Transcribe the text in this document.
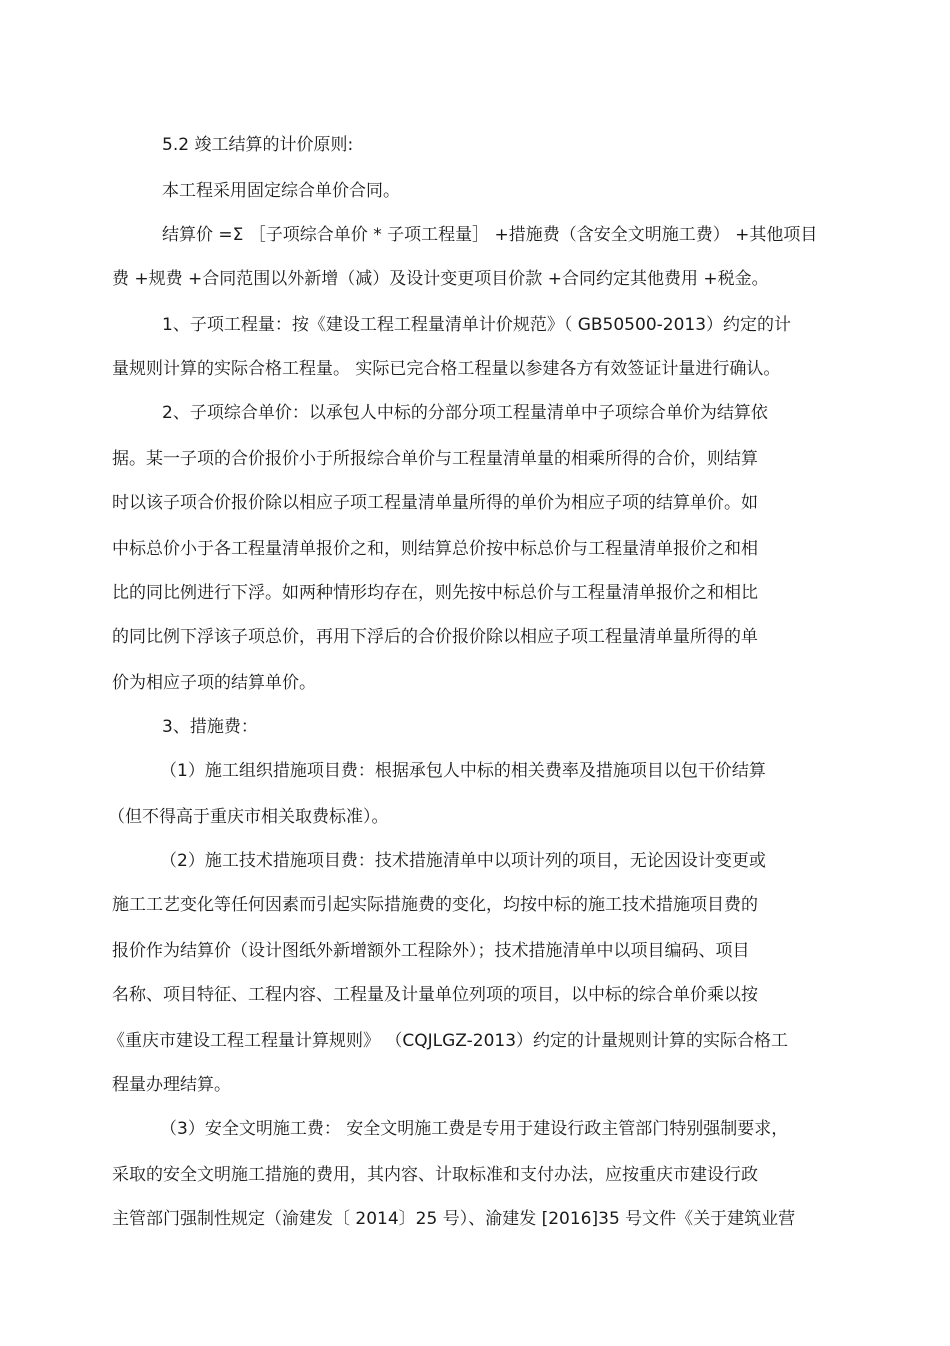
5.2 竣工结算的计价原则:
本工程采用固定综合单价合同。
结算价 =Σ ［子项综合单价 * 子项工程量］ +措施费（含安全文明施工费） +其他项目
费 +规费 +合同范围以外新增（减）及设计变更项目价款 +合同约定其他费用 +税金。
1、子项工程量：按《建设工程工程量清单计价规范》（ GB50500-2013）约定的计
量规则计算的实际合格工程量。 实际已完合格工程量以参建各方有效签证计量进行确认。
2、子项综合单价：以承包人中标的分部分项工程量清单中子项综合单价为结算依
据。某一子项的合价报价小于所报综合单价与工程量清单量的相乘所得的合价，则结算
时以该子项合价报价除以相应子项工程量清单量所得的单价为相应子项的结算单价。如
中标总价小于各工程量清单报价之和，则结算总价按中标总价与工程量清单报价之和相
比的同比例进行下浮。如两种情形均存在，则先按中标总价与工程量清单报价之和相比
的同比例下浮该子项总价，再用下浮后的合价报价除以相应子项工程量清单量所得的单
价为相应子项的结算单价。
3、措施费：
（1）施工组织措施项目费：根据承包人中标的相关费率及措施项目以包干价结算
（但不得高于重庆市相关取费标准）。
（2）施工技术措施项目费：技术措施清单中以项计列的项目，无论因设计变更或
施工工艺变化等任何因素而引起实际措施费的变化，均按中标的施工技术措施项目费的
报价作为结算价（设计图纸外新增额外工程除外）；技术措施清单中以项目编码、项目
名称、项目特征、工程内容、工程量及计量单位列项的项目，以中标的综合单价乘以按
《重庆市建设工程工程量计算规则》 （CQJLGZ-2013）约定的计量规则计算的实际合格工
程量办理结算。
（3）安全文明施工费： 安全文明施工费是专用于建设行政主管部门特别强制要求，
采取的安全文明施工措施的费用，其内容、计取标准和支付办法，应按重庆市建设行政
主管部门强制性规定（渝建发〔 2014〕25 号）、渝建发 [2016]35 号文件《关于建筑业营
